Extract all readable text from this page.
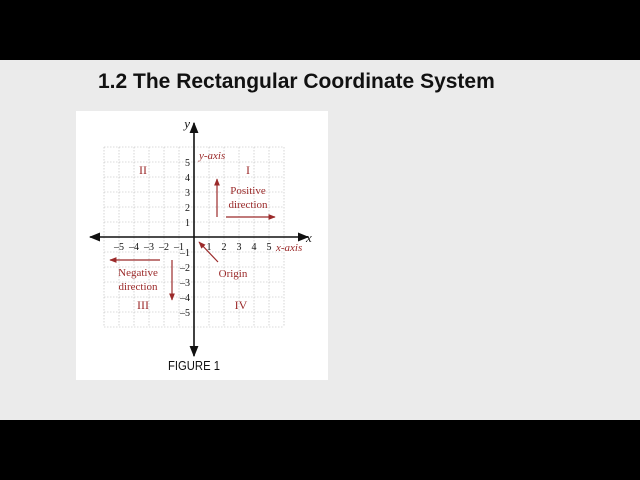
1.2 The Rectangular Coordinate System
y
x
–5 –4 –3 –2 –1 1 2 3 4 5
5
4
3
2
1
–1
–2
–3
–4
–5
y-axis
x-axis
II	I
III	IV
Positive
direction
Negative
direction
Origin
FIGURE 1
